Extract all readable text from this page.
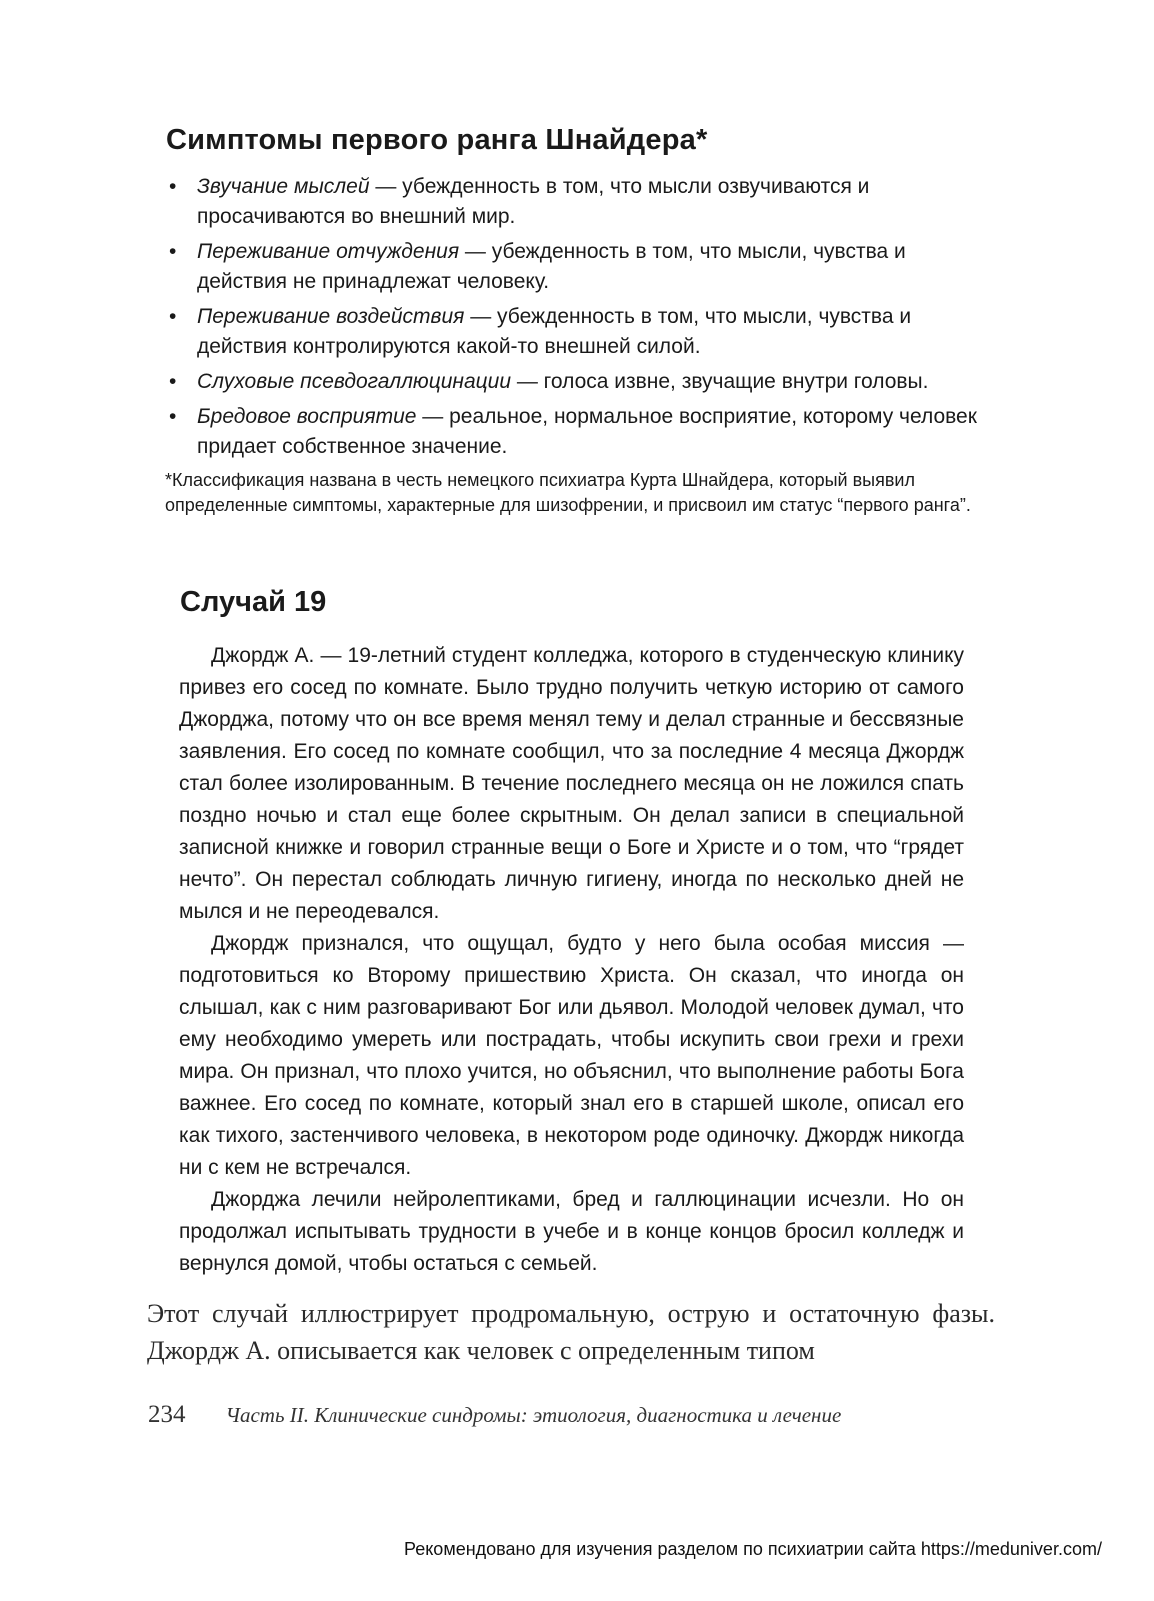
Симптомы первого ранга Шнайдера*
• Звучание мыслей — убежденность в том, что мысли озвучиваются и просачиваются во внешний мир.
• Переживание отчуждения — убежденность в том, что мысли, чувства и действия не принадлежат человеку.
• Переживание воздействия — убежденность в том, что мысли, чувства и действия контролируются какой-то внешней силой.
• Слуховые псевдогаллюцинации — голоса извне, звучащие внутри головы.
• Бредовое восприятие — реальное, нормальное восприятие, которому человек придает собственное значение.

*Классификация названа в честь немецкого психиатра Курта Шнайдера, который выявил определенные симптомы, характерные для шизофрении, и присвоил им статус “первого ранга”.

Случай 19

Джордж А. — 19-летний студент колледжа, которого в студенческую клинику привез его сосед по комнате. Было трудно получить четкую историю от самого Джорджа, потому что он все время менял тему и делал странные и бессвязные заявления. Его сосед по комнате сообщил, что за последние 4 месяца Джордж стал более изолированным. В течение последнего месяца он не ложился спать поздно ночью и стал еще более скрытным. Он делал записи в специальной записной книжке и говорил странные вещи о Боге и Христе и о том, что “грядет нечто”. Он перестал соблюдать личную гигиену, иногда по несколько дней не мылся и не переодевался.

Джордж признался, что ощущал, будто у него была особая миссия — подготовиться ко Второму пришествию Христа. Он сказал, что иногда он слышал, как с ним разговаривают Бог или дьявол. Молодой человек думал, что ему необходимо умереть или пострадать, чтобы искупить свои грехи и грехи мира. Он признал, что плохо учится, но объяснил, что выполнение работы Бога важнее. Его сосед по комнате, который знал его в старшей школе, описал его как тихого, застенчивого человека, в некотором роде одиночку. Джордж никогда ни с кем не встречался.

Джорджа лечили нейролептиками, бред и галлюцинации исчезли. Но он продолжал испытывать трудности в учебе и в конце концов бросил колледж и вернулся домой, чтобы остаться с семьей.

Этот случай иллюстрирует продромальную, острую и остаточную фазы. Джордж А. описывается как человек с определенным типом

234 Часть II. Клинические синдромы: этиология, диагностика и лечение
Рекомендовано для изучения разделом по психиатрии сайта https://meduniver.com/
